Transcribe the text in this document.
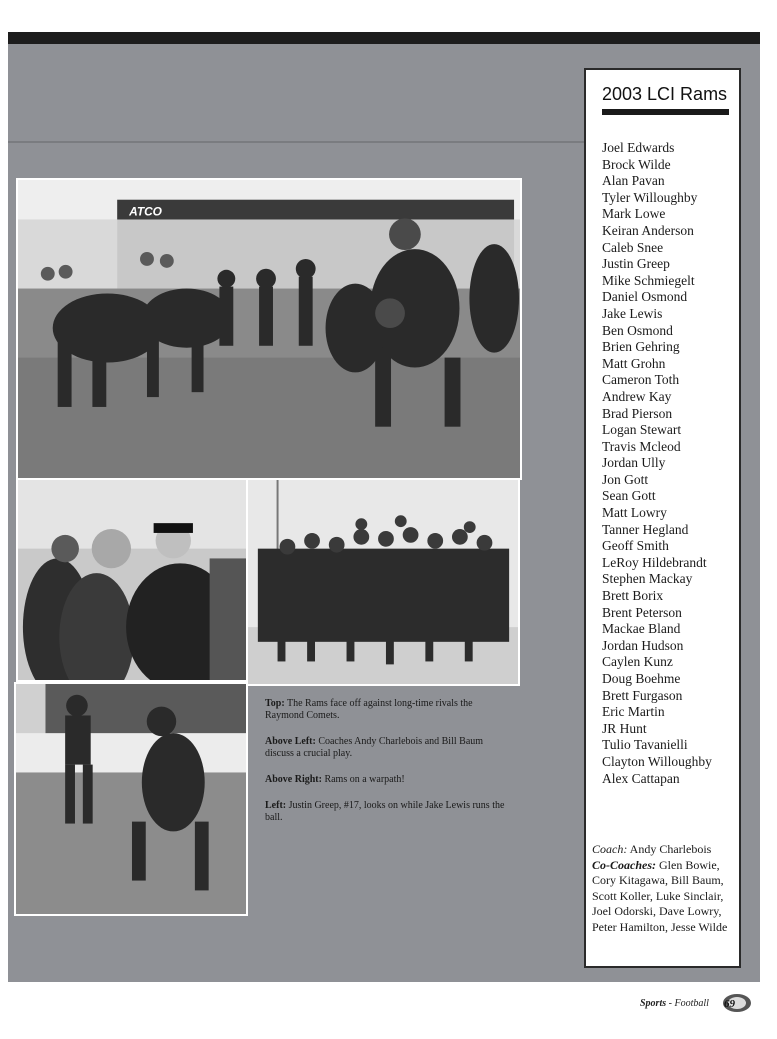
ATCO

Top: The Rams face off against long-time rivals the Raymond Comets.

Above Left: Coaches Andy Charlebois and Bill Baum discuss a crucial play.

Above Right: Rams on a warpath!

Left: Justin Greep, #17, looks on while Jake Lewis runs the ball.

2003 LCI Rams
Joel Edwards
Brock Wilde
Alan Pavan
Tyler Willoughby
Mark Lowe
Keiran Anderson
Caleb Snee
Justin Greep
Mike Schmiegelt
Daniel Osmond
Jake Lewis
Ben Osmond
Brien Gehring
Matt Grohn
Cameron Toth
Andrew Kay
Brad Pierson
Logan Stewart
Travis Mcleod
Jordan Ully
Jon Gott
Sean Gott
Matt Lowry
Tanner Hegland
Geoff Smith
LeRoy Hildebrandt
Stephen Mackay
Brett Borix
Brent Peterson
Mackae Bland
Jordan Hudson
Caylen Kunz
Doug Boehme
Brett Furgason
Eric Martin
JR Hunt
Tulio Tavanielli
Clayton Willoughby
Alex Cattapan
Coach: Andy Charlebois
Co-Coaches: Glen Bowie, Cory Kitagawa, Bill Baum, Scott Koller, Luke Sinclair, Joel Odorski, Dave Lowry, Peter Hamilton, Jesse Wilde
Sports - Football 69
